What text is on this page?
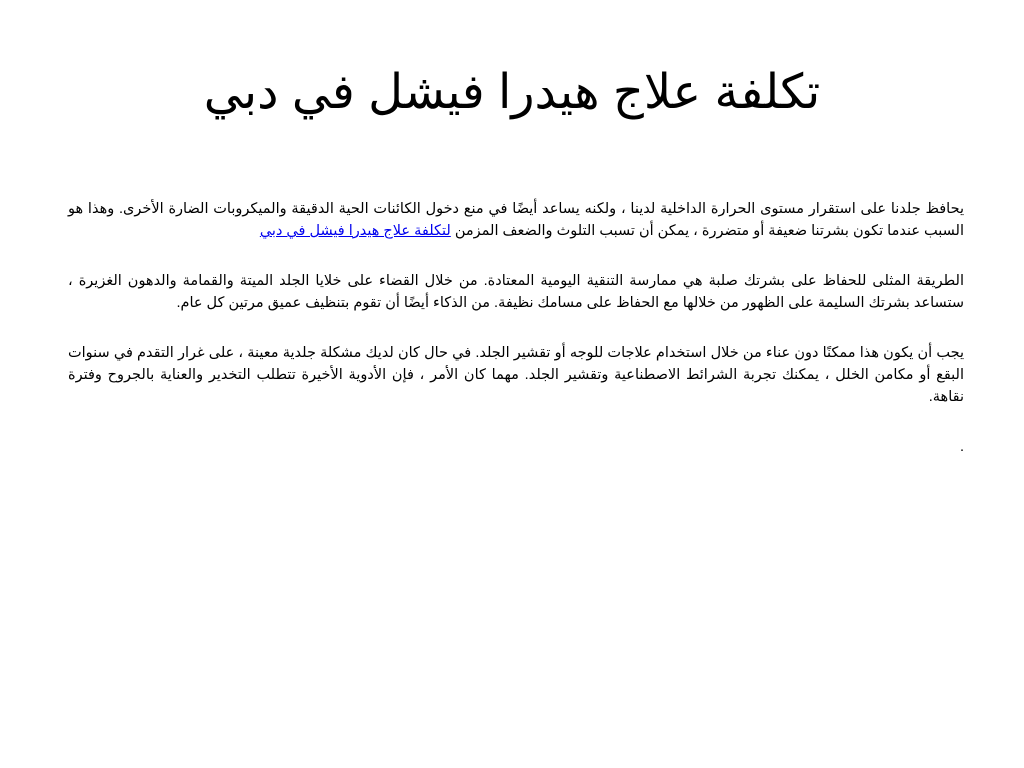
تكلفة علاج هيدرا فيشل في دبي

يحافظ جلدنا على استقرار مستوى الحرارة الداخلية لدينا ، ولكنه يساعد أيضًا في منع دخول الكائنات الحية الدقيقة والميكروبات الضارة الأخرى. وهذا هو السبب عندما تكون بشرتنا ضعيفة أو متضررة ، يمكن أن تسبب التلوث والضعف المزمن لتكلفة علاج هيدرا فيشل في دبي

الطريقة المثلى للحفاظ على بشرتك صلبة هي ممارسة التنقية اليومية المعتادة. من خلال القضاء على خلايا الجلد الميتة والقمامة والدهون الغزيرة ، ستساعد بشرتك السليمة على الظهور من خلالها مع الحفاظ على مسامك نظيفة. من الذكاء أيضًا أن تقوم بتنظيف عميق مرتين كل عام.

يجب أن يكون هذا ممكنًا دون عناء من خلال استخدام علاجات للوجه أو تقشير الجلد. في حال كان لديك مشكلة جلدية معينة ، على غرار التقدم في سنوات البقع أو مكامن الخلل ، يمكنك تجربة الشرائط الاصطناعية وتقشير الجلد. مهما كان الأمر ، فإن الأدوية الأخيرة تتطلب التخدير والعناية بالجروح وفترة نقاهة.

.
